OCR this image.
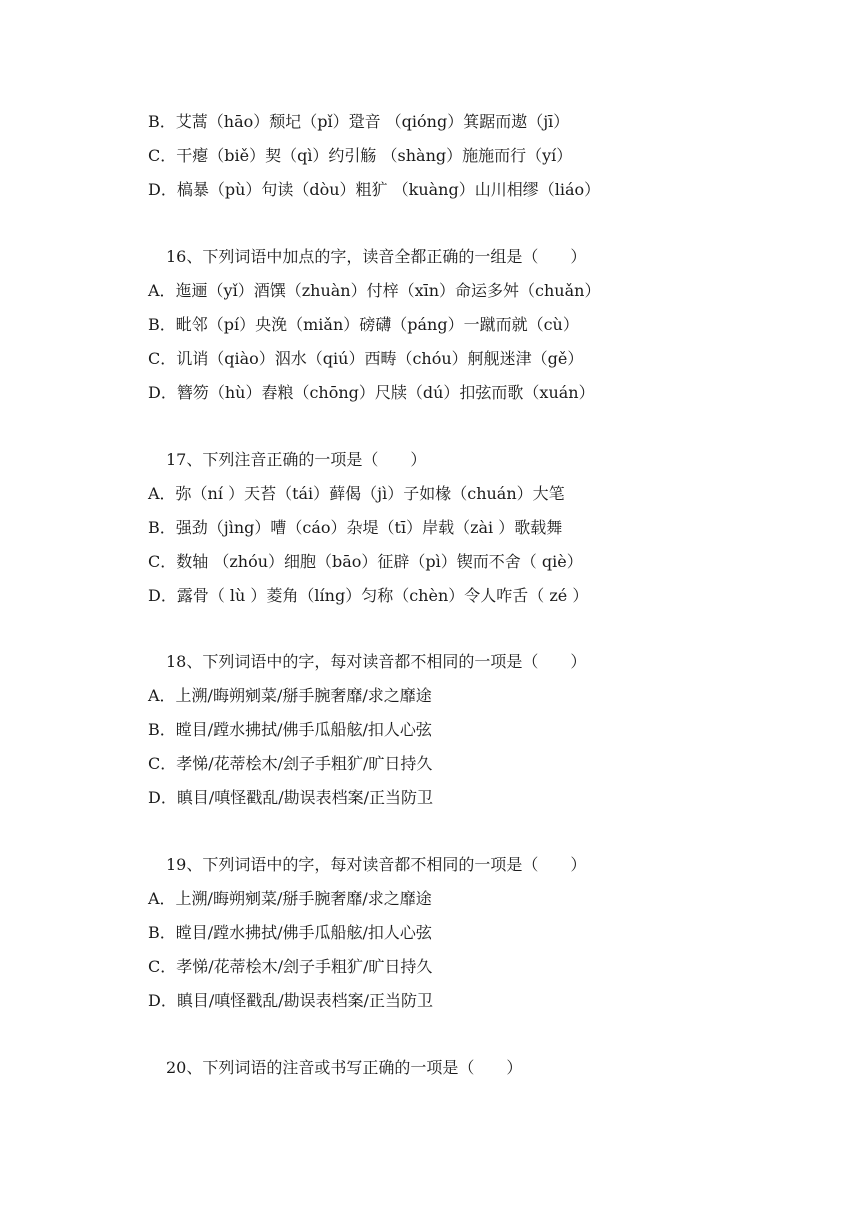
B．艾蒿（hāo）颓圮（pǐ）跫音 （qióng）箕踞而遨（jī）
C．干瘪（biě）契（qì）约引觞 （shàng）施施而行（yí）
D．槁暴（pù）句读（dòu）粗犷 （kuàng）山川相缪（liáo）
16、下列词语中加点的字，读音全都正确的一组是（　　）
A．迤逦（yǐ）酒馔（zhuàn）付梓（xīn）命运多舛（chuǎn）
B．毗邻（pí）央浼（miǎn）磅礴（páng）一蹴而就（cù）
C．讥诮（qiào）泅水（qiú）西畴（chóu）舸舰迷津（gě）
D．簪笏（hù）舂粮（chōng）尺牍（dú）扣弦而歌（xuán）
17、下列注音正确的一项是（　　）
A．弥（ní ）天苔（tái）藓偈（jì）子如椽（chuán）大笔
B．强劲（jìng）嘈（cáo）杂堤（tī）岸载（zài ）歌载舞
C．数轴 （zhóu）细胞（bāo）征辟（pì）锲而不舍（ qiè）
D．露骨（ lù ）菱角（líng）匀称（chèn）令人咋舌（ zé ）
18、下列词语中的字，每对读音都不相同的一项是（　　）
A．上溯/晦朔剜菜/掰手腕奢靡/求之靡途
B．瞠目/蹚水拂拭/佛手瓜船舷/扣人心弦
C．孝悌/花蒂桧木/刽子手粗犷/旷日持久
D．瞋目/嗔怪戳乱/勘误表档案/正当防卫
19、下列词语中的字，每对读音都不相同的一项是（　　）
A．上溯/晦朔剜菜/掰手腕奢靡/求之靡途
B．瞠目/蹚水拂拭/佛手瓜船舷/扣人心弦
C．孝悌/花蒂桧木/刽子手粗犷/旷日持久
D．瞋目/嗔怪戳乱/勘误表档案/正当防卫
20、下列词语的注音或书写正确的一项是（　　）
